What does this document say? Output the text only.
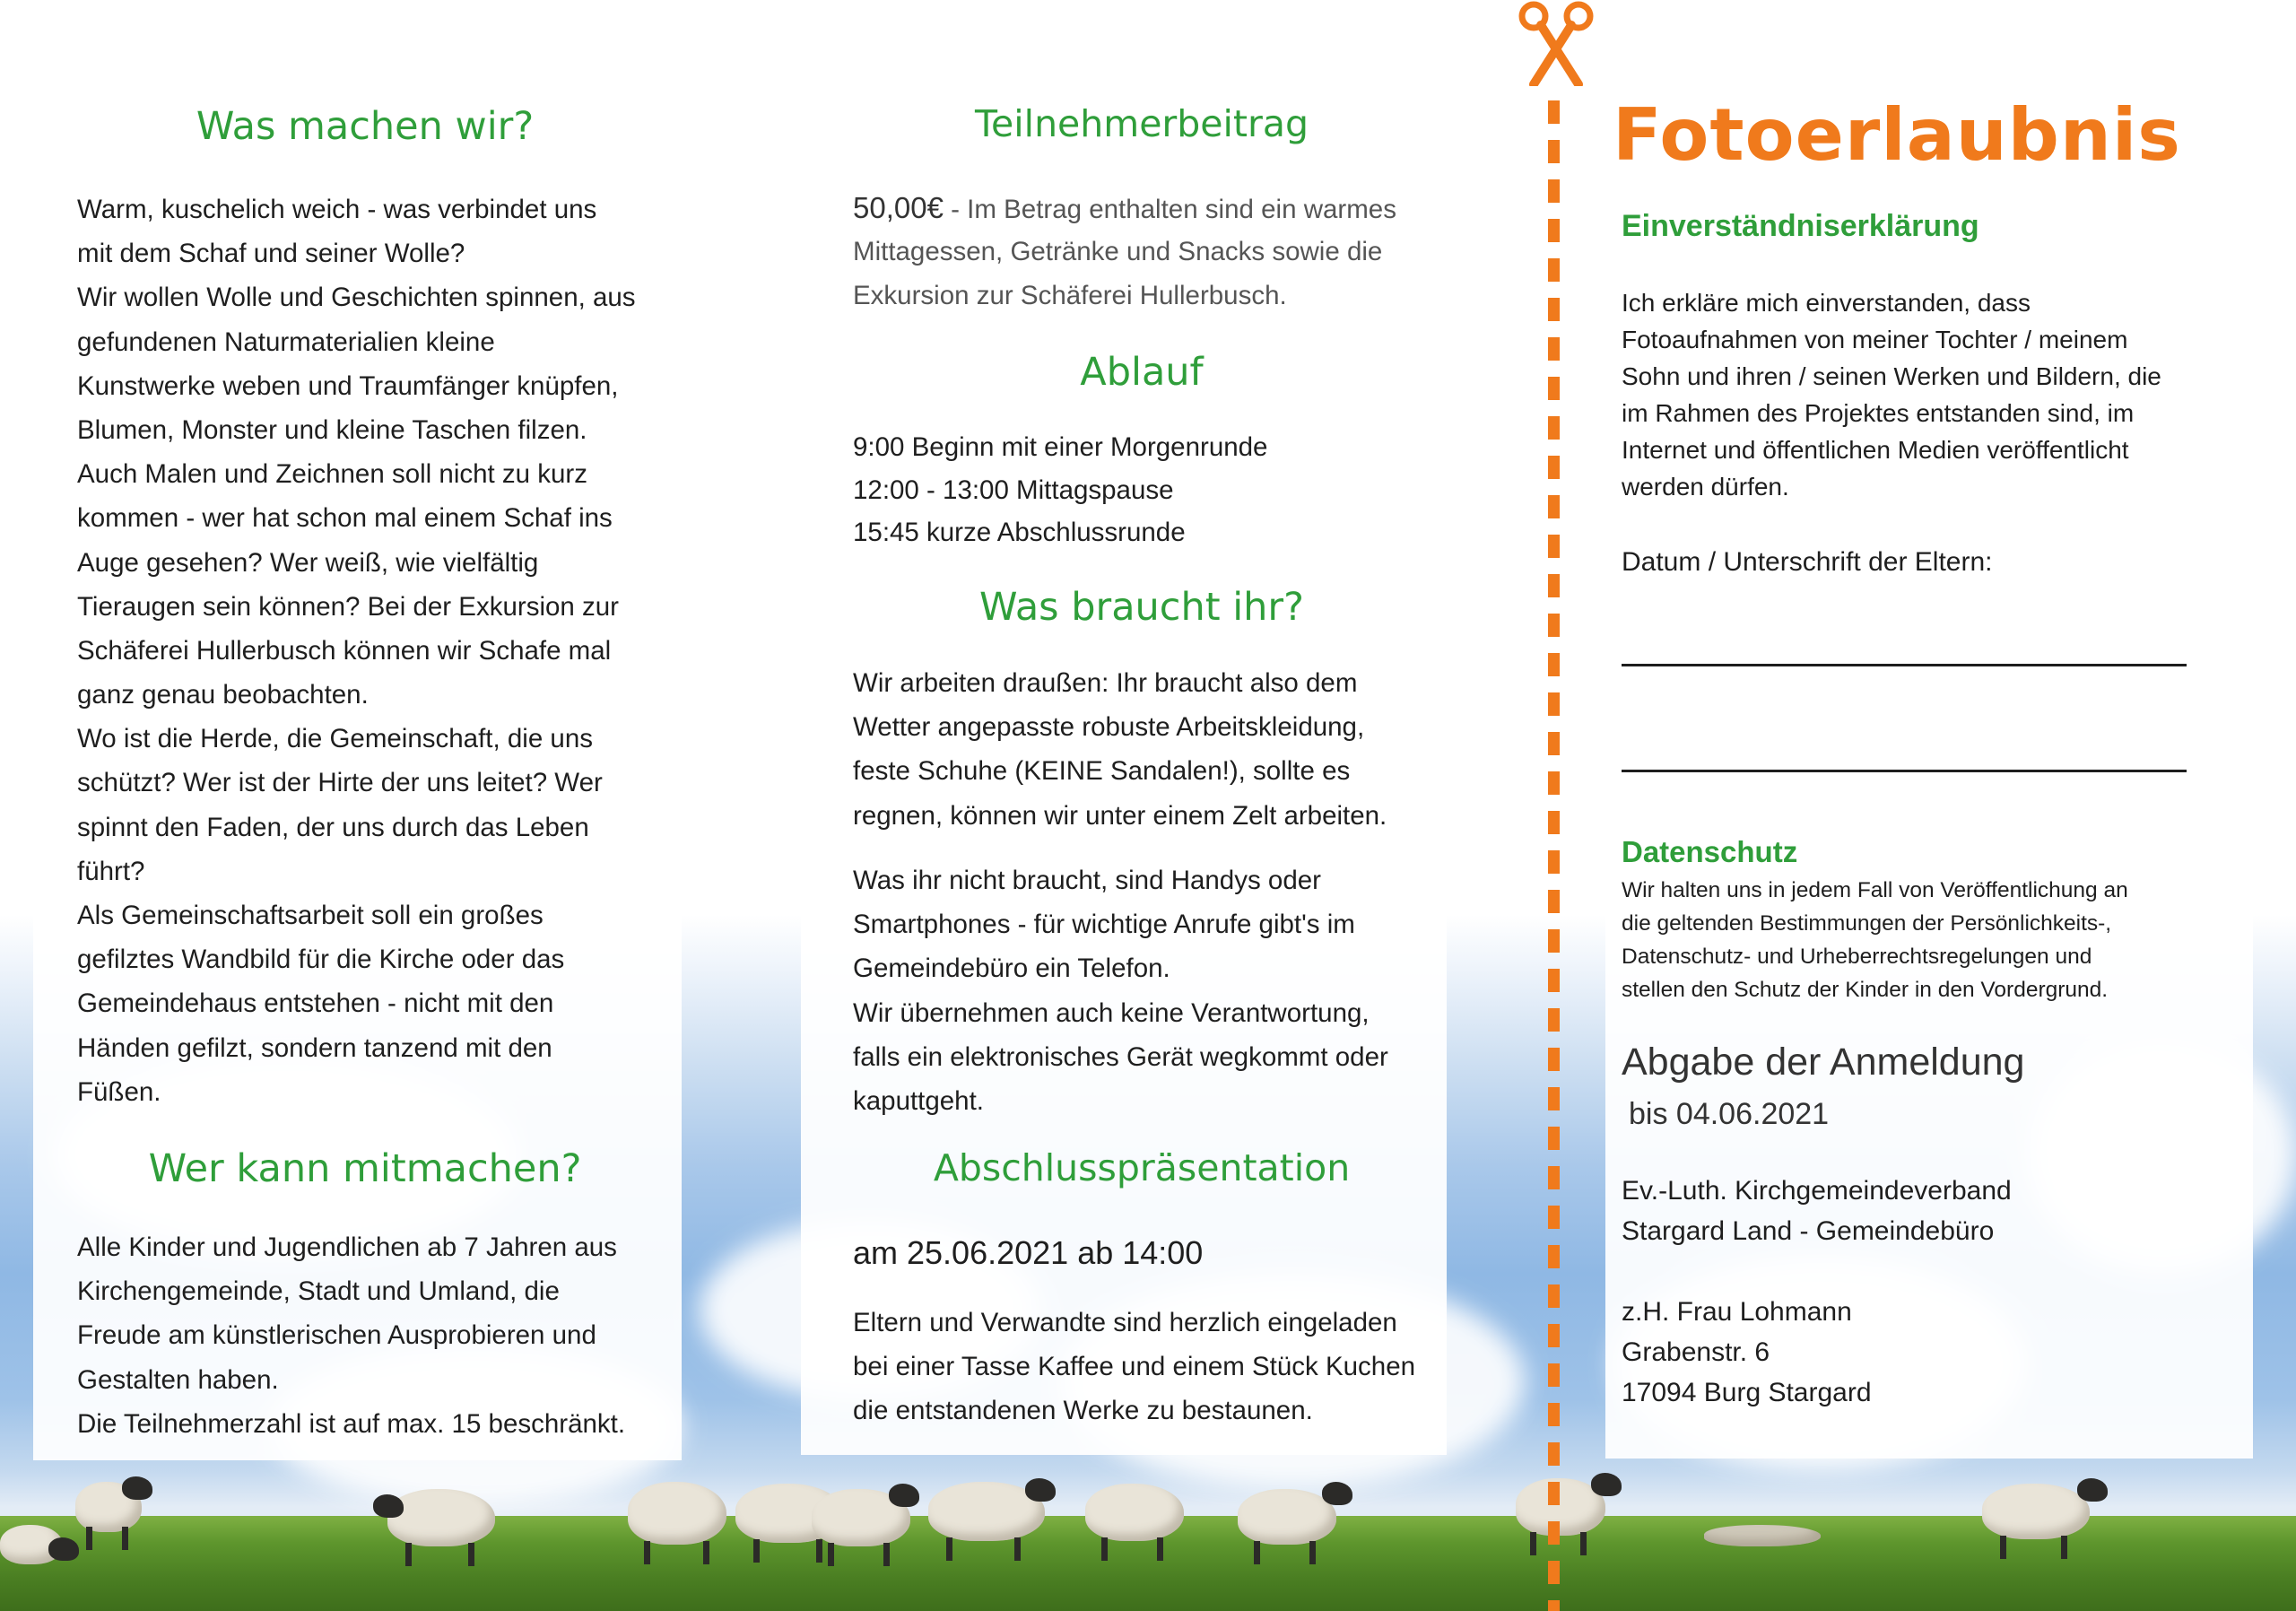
Was machen wir?
Warm, kuschelich weich - was verbindet uns
mit dem Schaf und seiner Wolle?
Wir wollen Wolle und Geschichten spinnen, aus
gefundenen Naturmaterialien kleine
Kunstwerke weben und Traumfänger knüpfen,
Blumen, Monster und kleine Taschen filzen.
Auch Malen und Zeichnen soll nicht zu kurz
kommen - wer hat schon mal einem Schaf ins
Auge gesehen? Wer weiß, wie vielfältig
Tieraugen sein können? Bei der Exkursion zur
Schäferei Hullerbusch können wir Schafe mal
ganz genau beobachten.
Wo ist die Herde, die Gemeinschaft, die uns
schützt? Wer ist der Hirte der uns leitet? Wer
spinnt den Faden, der uns durch das Leben
führt?
Als Gemeinschaftsarbeit soll ein großes
gefilztes Wandbild für die Kirche oder das
Gemeindehaus entstehen - nicht mit den
Händen gefilzt, sondern tanzend mit den
Füßen.
Wer kann mitmachen?
Alle Kinder und Jugendlichen ab 7 Jahren aus
Kirchengemeinde, Stadt und Umland, die
Freude am künstlerischen Ausprobieren und
Gestalten haben.
Die Teilnehmerzahl ist auf max. 15 beschränkt.
Teilnehmerbeitrag
50,00€ - Im Betrag enthalten sind ein warmes
Mittagessen, Getränke und Snacks sowie die
Exkursion zur Schäferei Hullerbusch.
Ablauf
9:00 Beginn mit einer Morgenrunde
12:00 - 13:00 Mittagspause
15:45 kurze Abschlussrunde
Was braucht ihr?
Wir arbeiten draußen: Ihr braucht also dem
Wetter angepasste robuste Arbeitskleidung,
feste Schuhe (KEINE Sandalen!), sollte es
regnen, können wir unter einem Zelt arbeiten.
Was ihr nicht braucht, sind Handys oder
Smartphones - für wichtige Anrufe gibt's im
Gemeindebüro ein Telefon.
Wir übernehmen auch keine Verantwortung,
falls ein elektronisches Gerät wegkommt oder
kaputtgeht.
Abschlusspräsentation
am 25.06.2021 ab 14:00
Eltern und Verwandte sind herzlich eingeladen
bei einer Tasse Kaffee und einem Stück Kuchen
die entstandenen Werke zu bestaunen.
Fotoerlaubnis
Einverständniserklärung
Ich erkläre mich einverstanden, dass
Fotoaufnahmen von meiner Tochter / meinem
Sohn und ihren / seinen Werken und Bildern, die
im Rahmen des Projektes entstanden sind, im
Internet und öffentlichen Medien veröffentlicht
werden dürfen.
Datum / Unterschrift der Eltern:
Datenschutz
Wir halten uns in jedem Fall von Veröffentlichung an
die geltenden Bestimmungen der Persönlichkeits-,
Datenschutz- und Urheberrechtsregelungen und
stellen den Schutz der Kinder in den Vordergrund.
Abgabe der Anmeldung
bis 04.06.2021
Ev.-Luth. Kirchgemeindeverband
Stargard Land - Gemeindebüro
z.H. Frau Lohmann
Grabenstr. 6
17094 Burg Stargard
